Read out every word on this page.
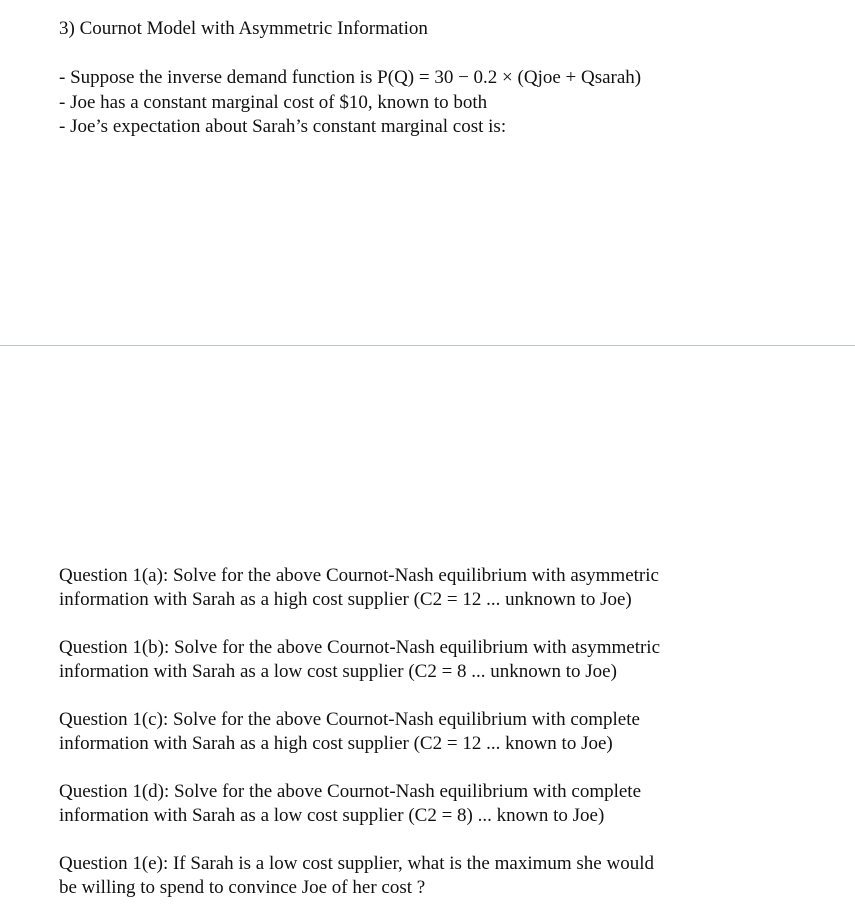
3) Cournot Model with Asymmetric Information
- Suppose the inverse demand function is P(Q) = 30 − 0.2 × (Qjoe + Qsarah)
- Joe has a constant marginal cost of $10, known to both
- Joe’s expectation about Sarah’s constant marginal cost is:
Question 1(a): Solve for the above Cournot-Nash equilibrium with asymmetric
information with Sarah as a high cost supplier (C2 = 12 ... unknown to Joe)
Question 1(b): Solve for the above Cournot-Nash equilibrium with asymmetric
information with Sarah as a low cost supplier (C2 = 8 ... unknown to Joe)
Question 1(c): Solve for the above Cournot-Nash equilibrium with complete
information with Sarah as a high cost supplier (C2 = 12 ... known to Joe)
Question 1(d): Solve for the above Cournot-Nash equilibrium with complete
information with Sarah as a low cost supplier (C2 = 8) ... known to Joe)
Question 1(e): If Sarah is a low cost supplier, what is the maximum she would
be willing to spend to convince Joe of her cost ?
